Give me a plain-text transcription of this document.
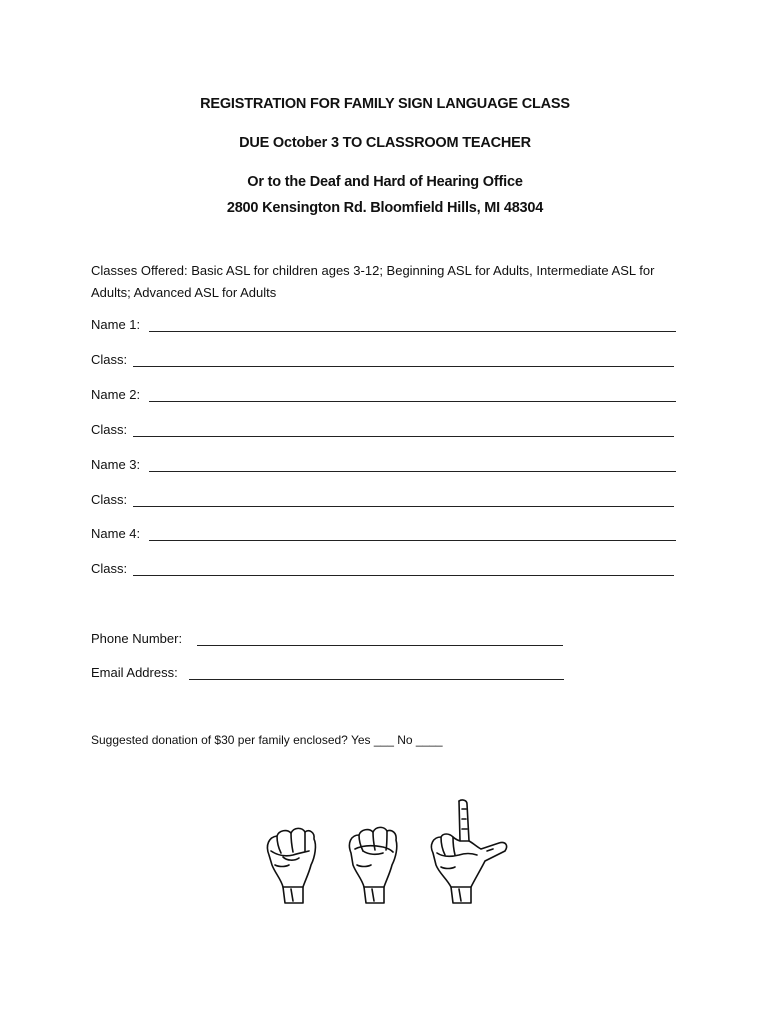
REGISTRATION FOR FAMILY SIGN LANGUAGE CLASS
DUE October 3 TO CLASSROOM TEACHER
Or to the Deaf and Hard of Hearing Office
2800 Kensington Rd. Bloomfield Hills, MI 48304
Classes Offered: Basic ASL for children ages 3-12; Beginning ASL for Adults, Intermediate ASL for Adults; Advanced ASL for Adults
Name 1:
Class:
Name 2:
Class:
Name 3:
Class:
Name 4:
Class:
Phone Number:
Email Address:
Suggested donation of $30 per family enclosed? Yes ___ No ____
